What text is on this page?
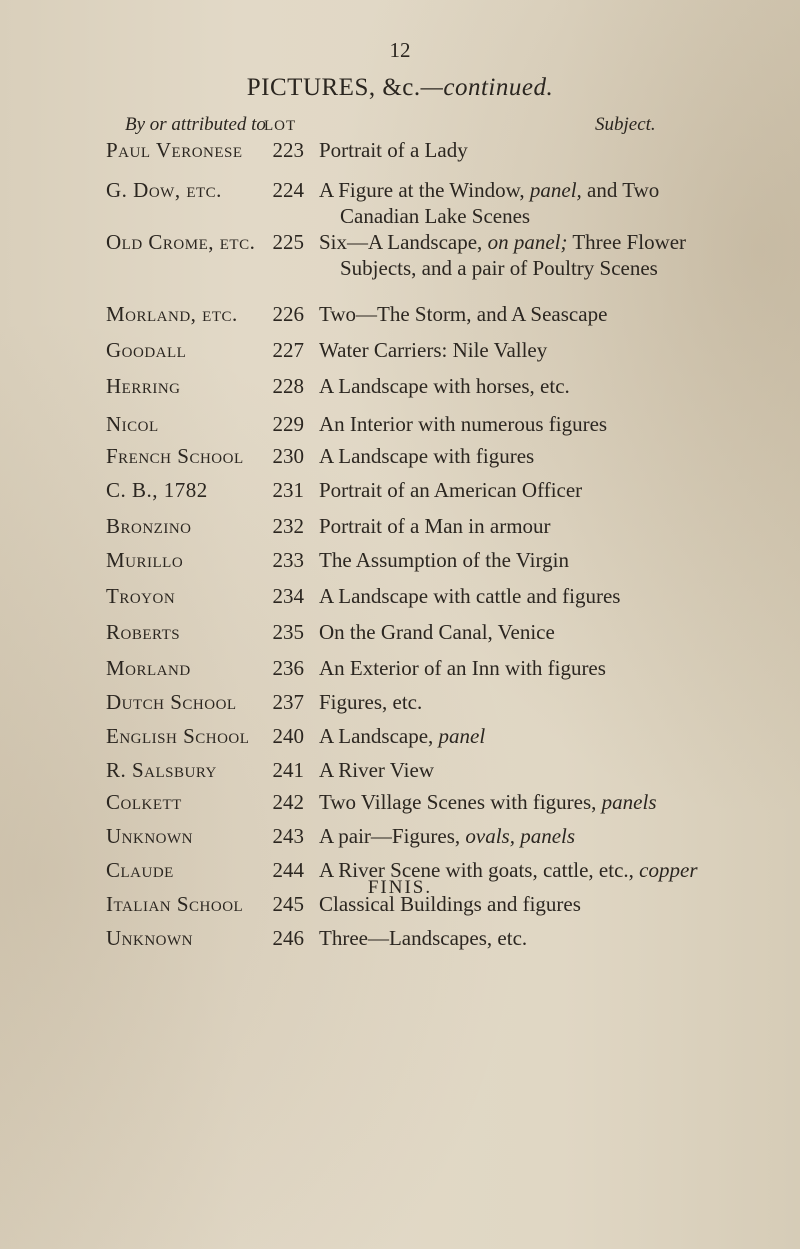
12
PICTURES, &c.—continued.
By or attributed to
LOT	Subject.
Paul Veronese	223 Portrait of a Lady
G. Dow, etc.	224 A Figure at the Window, panel, and Two
Canadian Lake Scenes
Old Crome, etc. 225 Six—A Landscape, on panel; Three Flower
Subjects, and a pair of Poultry Scenes
Morland, etc.	226 Two—The Storm, and A Seascape
Goodall	227 Water Carriers: Nile Valley
Herring	228 A Landscape with horses, etc.
Nicol	229 An Interior with numerous figures
French School	230 A Landscape with figures
C. B., 1782	231 Portrait of an American Officer
Bronzino	232 Portrait of a Man in armour
Murillo	233 The Assumption of the Virgin
Troyon	234 A Landscape with cattle and figures
Roberts	235 On the Grand Canal, Venice
Morland	236 An Exterior of an Inn with figures
Dutch School	237 Figures, etc.
English School	240 A Landscape, panel
R. Salsbury	241 A River View
Colkett	242 Two Village Scenes with figures, panels
Unknown	243 A pair—Figures, ovals, panels
Claude	244 A River Scene with goats, cattle, etc., copper
Italian School	245 Classical Buildings and figures
Unknown	246 Three—Landscapes, etc.
FINIS.
